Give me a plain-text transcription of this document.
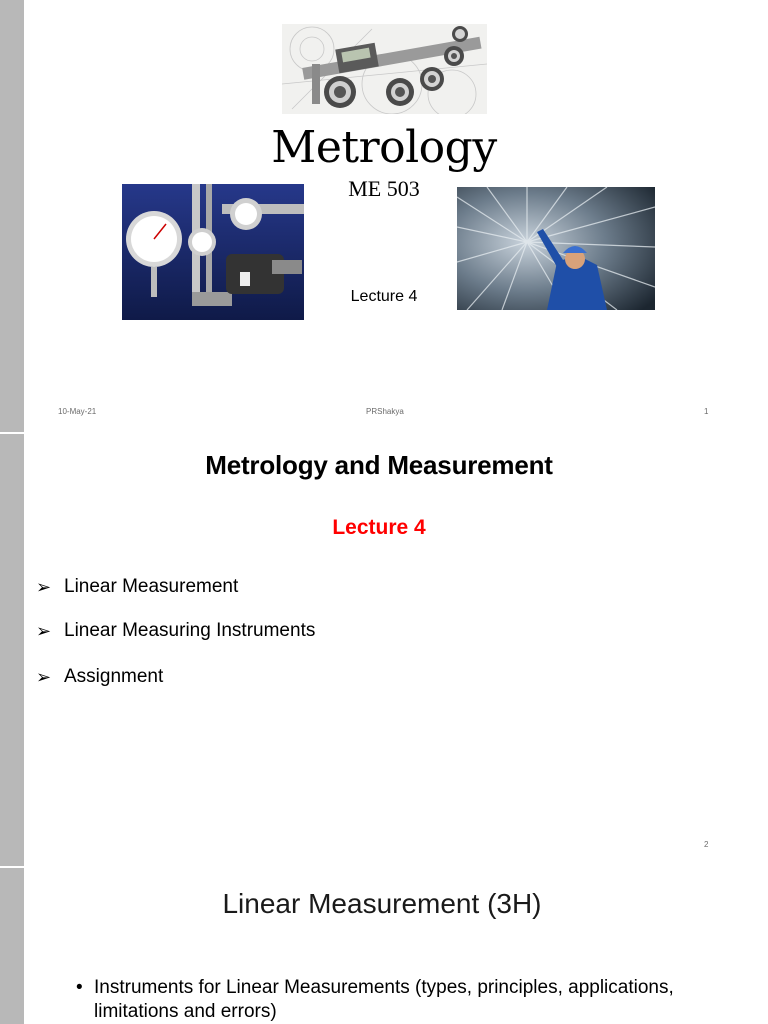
Metrology
ME 503
Lecture 4
10-May-21	PRShakya	1
Metrology and Measurement
Lecture 4
➢ Linear Measurement
➢ Linear Measuring Instruments
➢ Assignment
2
Linear Measurement (3H)
• Instruments for Linear Measurements (types, principles, applications, limitations and errors)
